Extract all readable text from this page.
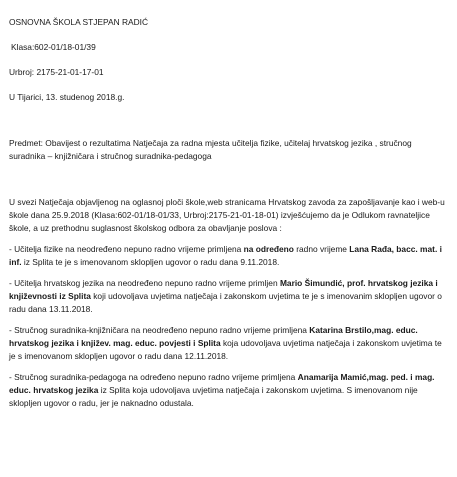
OSNOVNA ŠKOLA STJEPAN RADIĆ
Klasa:602-01/18-01/39
Urbroj: 2175-21-01-17-01
U Tijarici, 13. studenog 2018.g.

Predmet: Obavijest o rezultatima Natječaja za radna mjesta učitelja fizike, učitelaj hrvatskog jezika , stručnog suradnika – knjižničara i stručnog suradnika-pedagoga

U svezi Natječaja objavljenog na oglasnoj ploči škole,web stranicama Hrvatskog zavoda za zapošljavanje kao i web-u škole dana 25.9.2018 (Klasa:602-01/18-01/33, Urbroj:2175-21-01-18-01) izvješćujemo da je Odlukom ravnateljice škole, a uz prethodnu suglasnost školskog odbora za obavljanje poslova :

- Učitelja fizike na neodređeno nepuno radno vrijeme primljena na određeno radno vrijeme Lana Rađa, bacc. mat. i inf. iz Splita te je s imenovanom sklopljen ugovor o radu dana 9.11.2018.

- Učitelja hrvatskog jezika na neodređeno nepuno radno vrijeme primljen Mario Šimundić, prof. hrvatskog jezika i književnosti iz Splita koji udovoljava uvjetima natječaja i zakonskom uvjetima te je s imenovanim sklopljen ugovor o radu dana 13.11.2018.

- Stručnog suradnika-knjižničara na neodređeno nepuno radno vrijeme primljena Katarina Brstilo,mag. educ. hrvatskog jezika i književ. mag. educ. povjesti i Splita koja udovoljava uvjetima natječaja i zakonskom uvjetima te je s imenovanom sklopljen ugovor o radu dana 12.11.2018.

- Stručnog suradnika-pedagoga na određeno nepuno radno vrijeme primljena Anamarija Mamić,mag. ped. i mag. educ. hrvatskog jezika iz Splita koja udovoljava uvjetima natječaja i zakonskom uvjetima. S imenovanom nije sklopljen ugovor o radu, jer je naknadno odustala.
